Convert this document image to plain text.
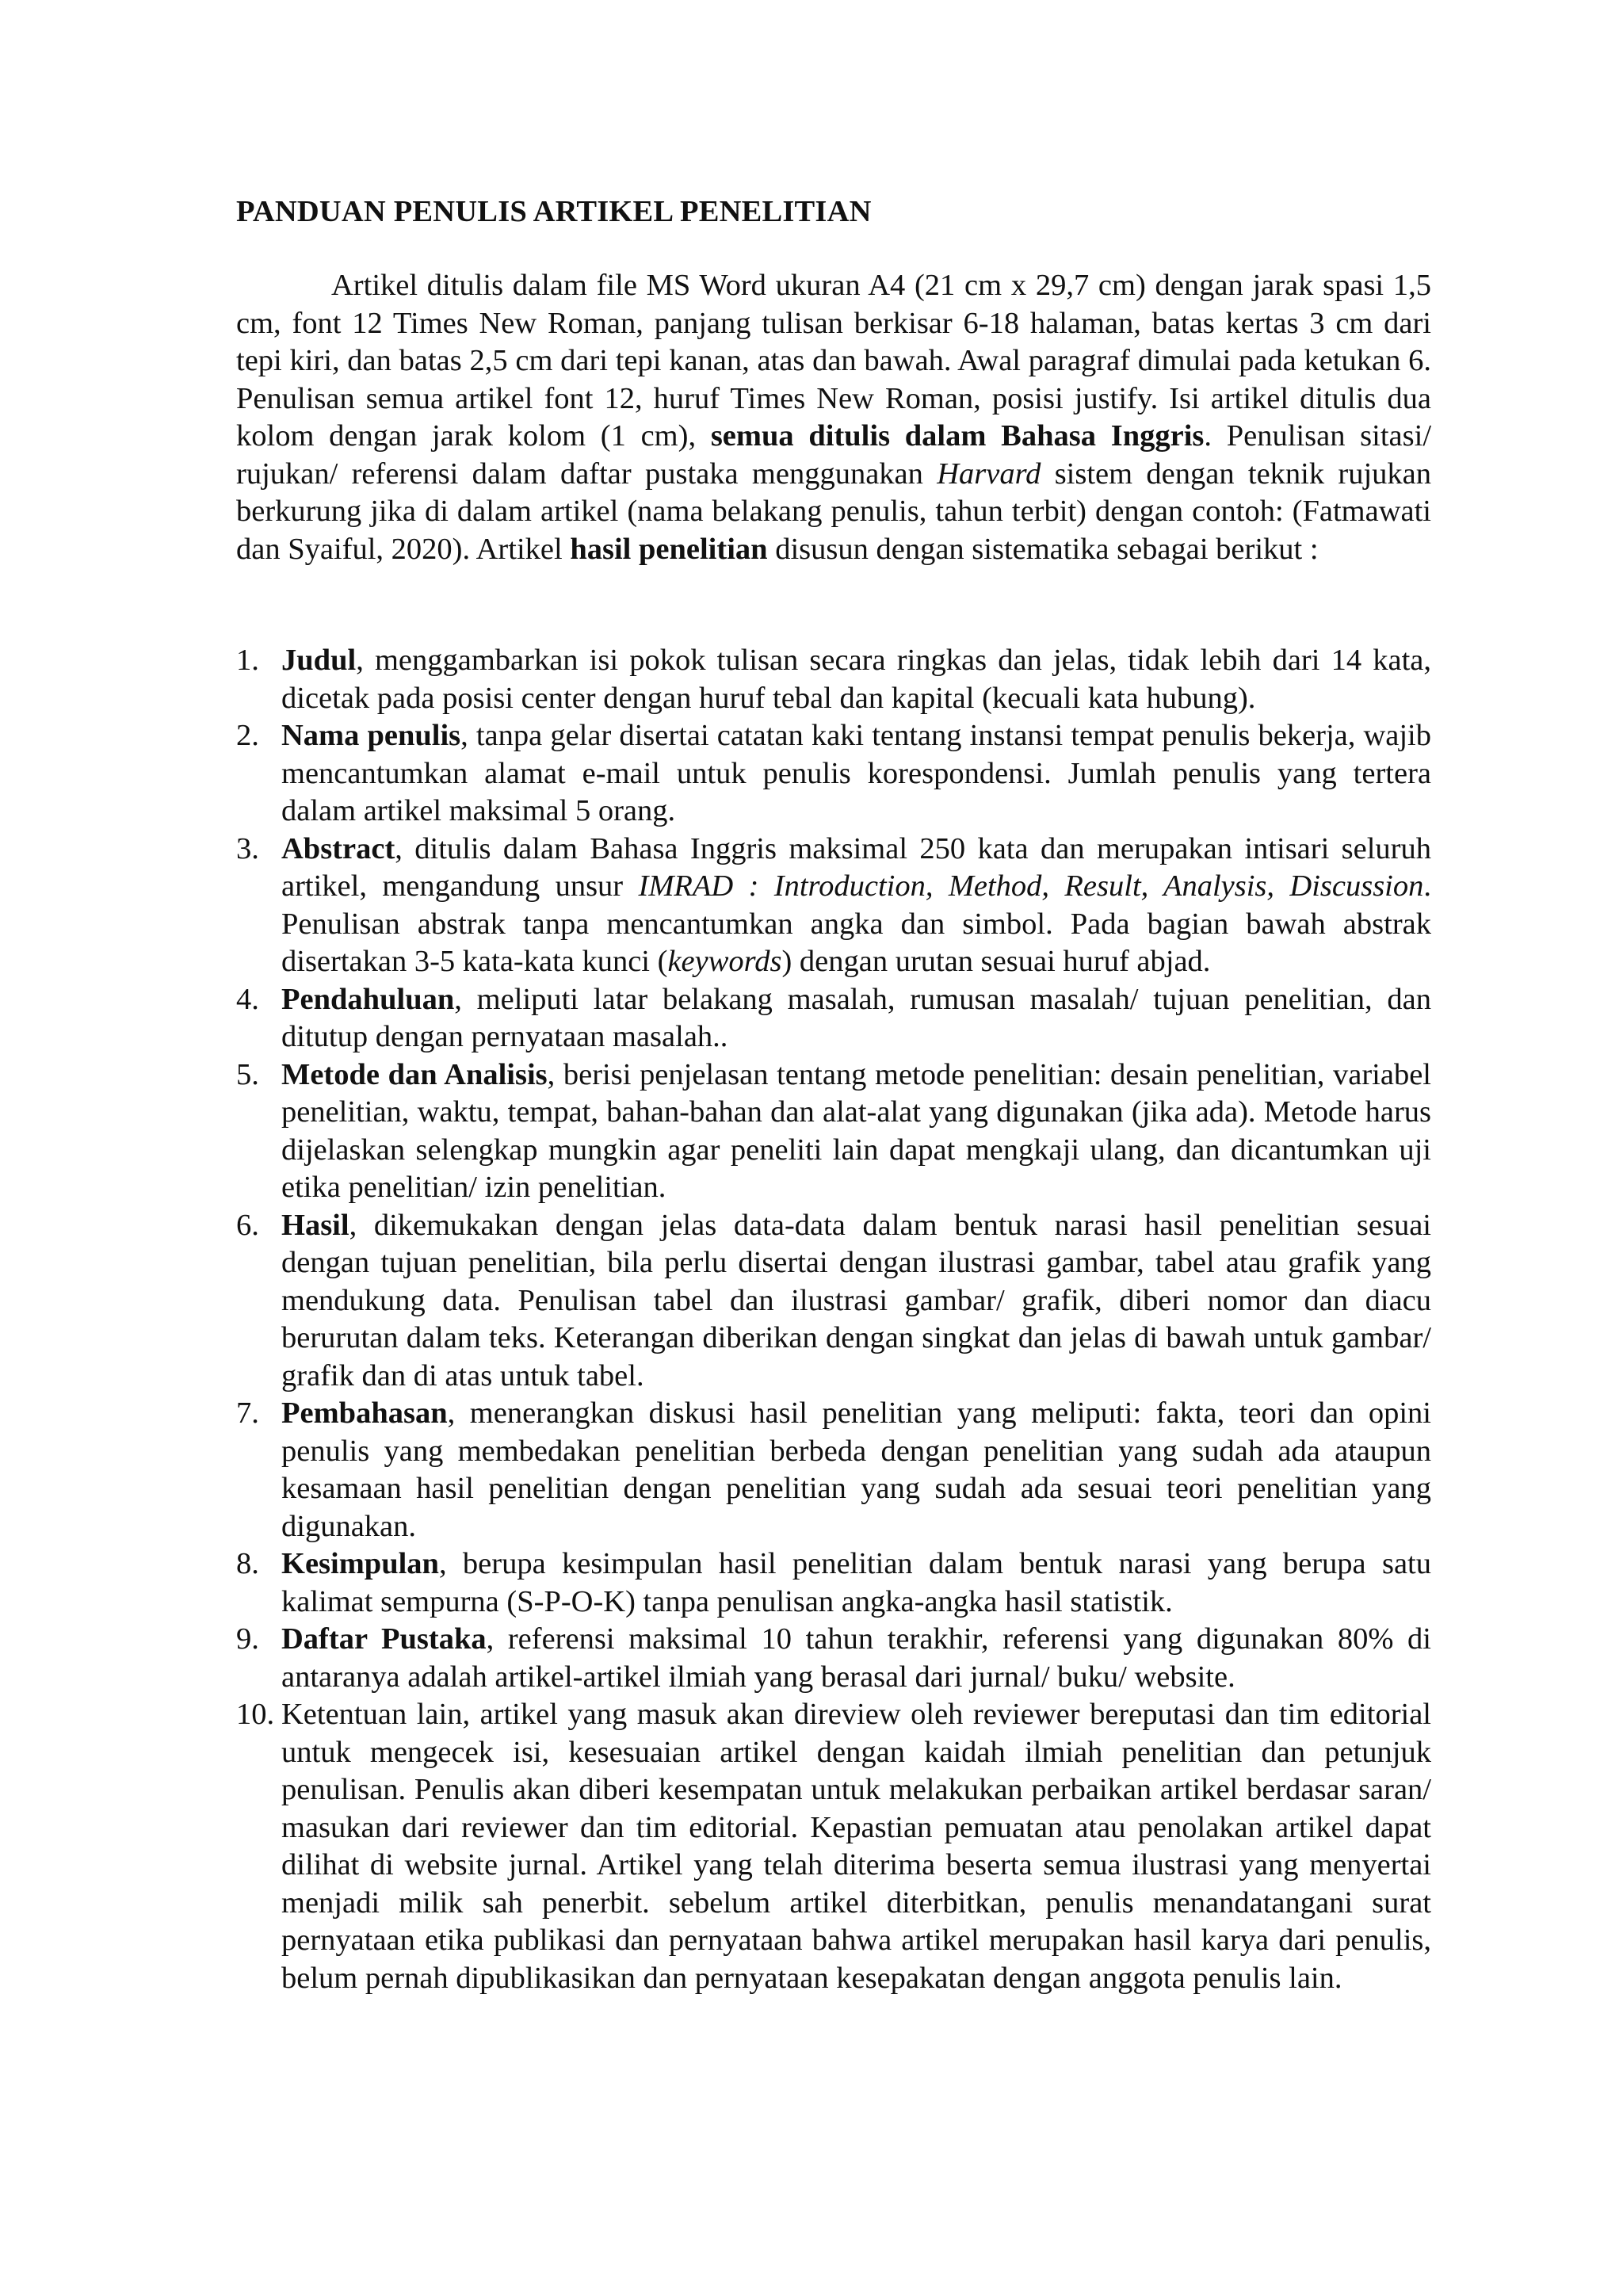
PANDUAN PENULIS ARTIKEL PENELITIAN

Artikel ditulis dalam file MS Word ukuran A4 (21 cm x 29,7 cm) dengan jarak spasi 1,5 cm, font 12 Times New Roman, panjang tulisan berkisar 6-18 halaman, batas kertas 3 cm dari tepi kiri, dan batas 2,5 cm dari tepi kanan, atas dan bawah. Awal paragraf dimulai pada ketukan 6. Penulisan semua artikel font 12, huruf Times New Roman, posisi justify. Isi artikel ditulis dua kolom dengan jarak kolom (1 cm), semua ditulis dalam Bahasa Inggris. Penulisan sitasi/ rujukan/ referensi dalam daftar pustaka menggunakan Harvard sistem dengan teknik rujukan berkurung jika di dalam artikel (nama belakang penulis, tahun terbit) dengan contoh: (Fatmawati dan Syaiful, 2020). Artikel hasil penelitian disusun dengan sistematika sebagai berikut :

1. Judul, menggambarkan isi pokok tulisan secara ringkas dan jelas, tidak lebih dari 14 kata, dicetak pada posisi center dengan huruf tebal dan kapital (kecuali kata hubung).
2. Nama penulis, tanpa gelar disertai catatan kaki tentang instansi tempat penulis bekerja, wajib mencantumkan alamat e-mail untuk penulis korespondensi. Jumlah penulis yang tertera dalam artikel maksimal 5 orang.
3. Abstract, ditulis dalam Bahasa Inggris maksimal 250 kata dan merupakan intisari seluruh artikel, mengandung unsur IMRAD : Introduction, Method, Result, Analysis, Discussion. Penulisan abstrak tanpa mencantumkan angka dan simbol. Pada bagian bawah abstrak disertakan 3-5 kata-kata kunci (keywords) dengan urutan sesuai huruf abjad.
4. Pendahuluan, meliputi latar belakang masalah, rumusan masalah/ tujuan penelitian, dan ditutup dengan pernyataan masalah..
5. Metode dan Analisis, berisi penjelasan tentang metode penelitian: desain penelitian, variabel penelitian, waktu, tempat, bahan-bahan dan alat-alat yang digunakan (jika ada). Metode harus dijelaskan selengkap mungkin agar peneliti lain dapat mengkaji ulang, dan dicantumkan uji etika penelitian/ izin penelitian.
6. Hasil, dikemukakan dengan jelas data-data dalam bentuk narasi hasil penelitian sesuai dengan tujuan penelitian, bila perlu disertai dengan ilustrasi gambar, tabel atau grafik yang mendukung data. Penulisan tabel dan ilustrasi gambar/ grafik, diberi nomor dan diacu berurutan dalam teks. Keterangan diberikan dengan singkat dan jelas di bawah untuk gambar/ grafik dan di atas untuk tabel.
7. Pembahasan, menerangkan diskusi hasil penelitian yang meliputi: fakta, teori dan opini penulis yang membedakan penelitian berbeda dengan penelitian yang sudah ada ataupun kesamaan hasil penelitian dengan penelitian yang sudah ada sesuai teori penelitian yang digunakan.
8. Kesimpulan, berupa kesimpulan hasil penelitian dalam bentuk narasi yang berupa satu kalimat sempurna (S-P-O-K) tanpa penulisan angka-angka hasil statistik.
9. Daftar Pustaka, referensi maksimal 10 tahun terakhir, referensi yang digunakan 80% di antaranya adalah artikel-artikel ilmiah yang berasal dari jurnal/ buku/ website.
10. Ketentuan lain, artikel yang masuk akan direview oleh reviewer bereputasi dan tim editorial untuk mengecek isi, kesesuaian artikel dengan kaidah ilmiah penelitian dan petunjuk penulisan. Penulis akan diberi kesempatan untuk melakukan perbaikan artikel berdasar saran/ masukan dari reviewer dan tim editorial. Kepastian pemuatan atau penolakan artikel dapat dilihat di website jurnal. Artikel yang telah diterima beserta semua ilustrasi yang menyertai menjadi milik sah penerbit. sebelum artikel diterbitkan, penulis menandatangani surat pernyataan etika publikasi dan pernyataan bahwa artikel merupakan hasil karya dari penulis, belum pernah dipublikasikan dan pernyataan kesepakatan dengan anggota penulis lain.
